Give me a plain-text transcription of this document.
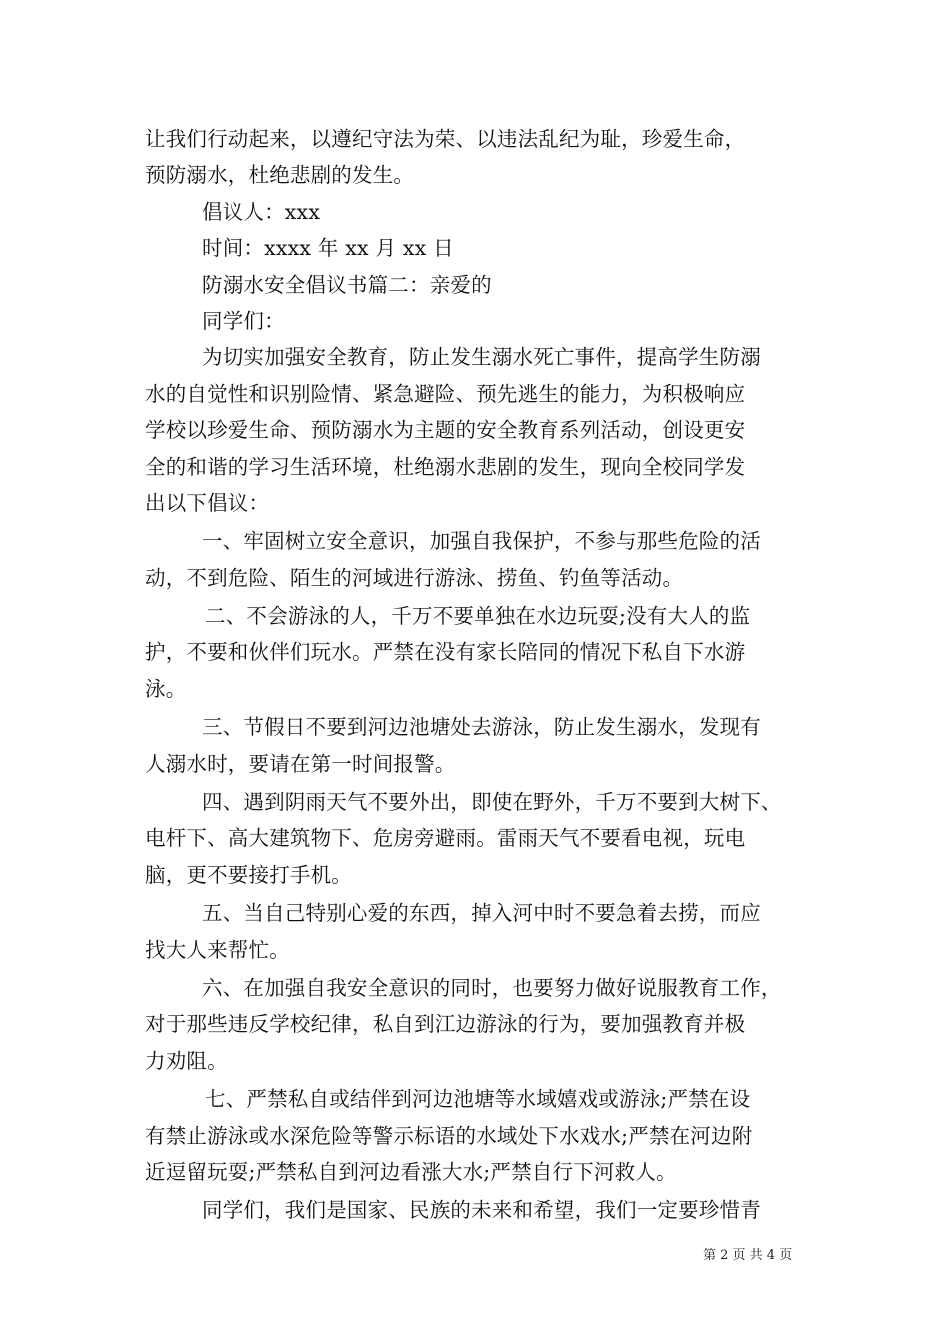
让我们行动起来，以遵纪守法为荣、以违法乱纪为耻，珍爱生命，
预防溺水，杜绝悲剧的发生。
倡议人：xxx
时间：xxxx 年 xx 月 xx 日
防溺水安全倡议书篇二：亲爱的
同学们：
为切实加强安全教育，防止发生溺水死亡事件，提高学生防溺
水的自觉性和识别险情、紧急避险、预先逃生的能力，为积极响应
学校以珍爱生命、预防溺水为主题的安全教育系列活动，创设更安
全的和谐的学习生活环境，杜绝溺水悲剧的发生，现向全校同学发
出以下倡议：
一、牢固树立安全意识，加强自我保护，不参与那些危险的活
动，不到危险、陌生的河域进行游泳、捞鱼、钓鱼等活动。
二、不会游泳的人，千万不要单独在水边玩耍;没有大人的监
护，不要和伙伴们玩水。严禁在没有家长陪同的情况下私自下水游
泳。
三、节假日不要到河边池塘处去游泳，防止发生溺水，发现有
人溺水时，要请在第一时间报警。
四、遇到阴雨天气不要外出，即使在野外，千万不要到大树下、
电杆下、高大建筑物下、危房旁避雨。雷雨天气不要看电视，玩电
脑，更不要接打手机。
五、当自己特别心爱的东西，掉入河中时不要急着去捞，而应
找大人来帮忙。
六、在加强自我安全意识的同时，也要努力做好说服教育工作，
对于那些违反学校纪律，私自到江边游泳的行为，要加强教育并极
力劝阻。
七、严禁私自或结伴到河边池塘等水域嬉戏或游泳;严禁在设
有禁止游泳或水深危险等警示标语的水域处下水戏水;严禁在河边附
近逗留玩耍;严禁私自到河边看涨大水;严禁自行下河救人。
同学们，我们是国家、民族的未来和希望，我们一定要珍惜青
第 2 页 共 4 页
